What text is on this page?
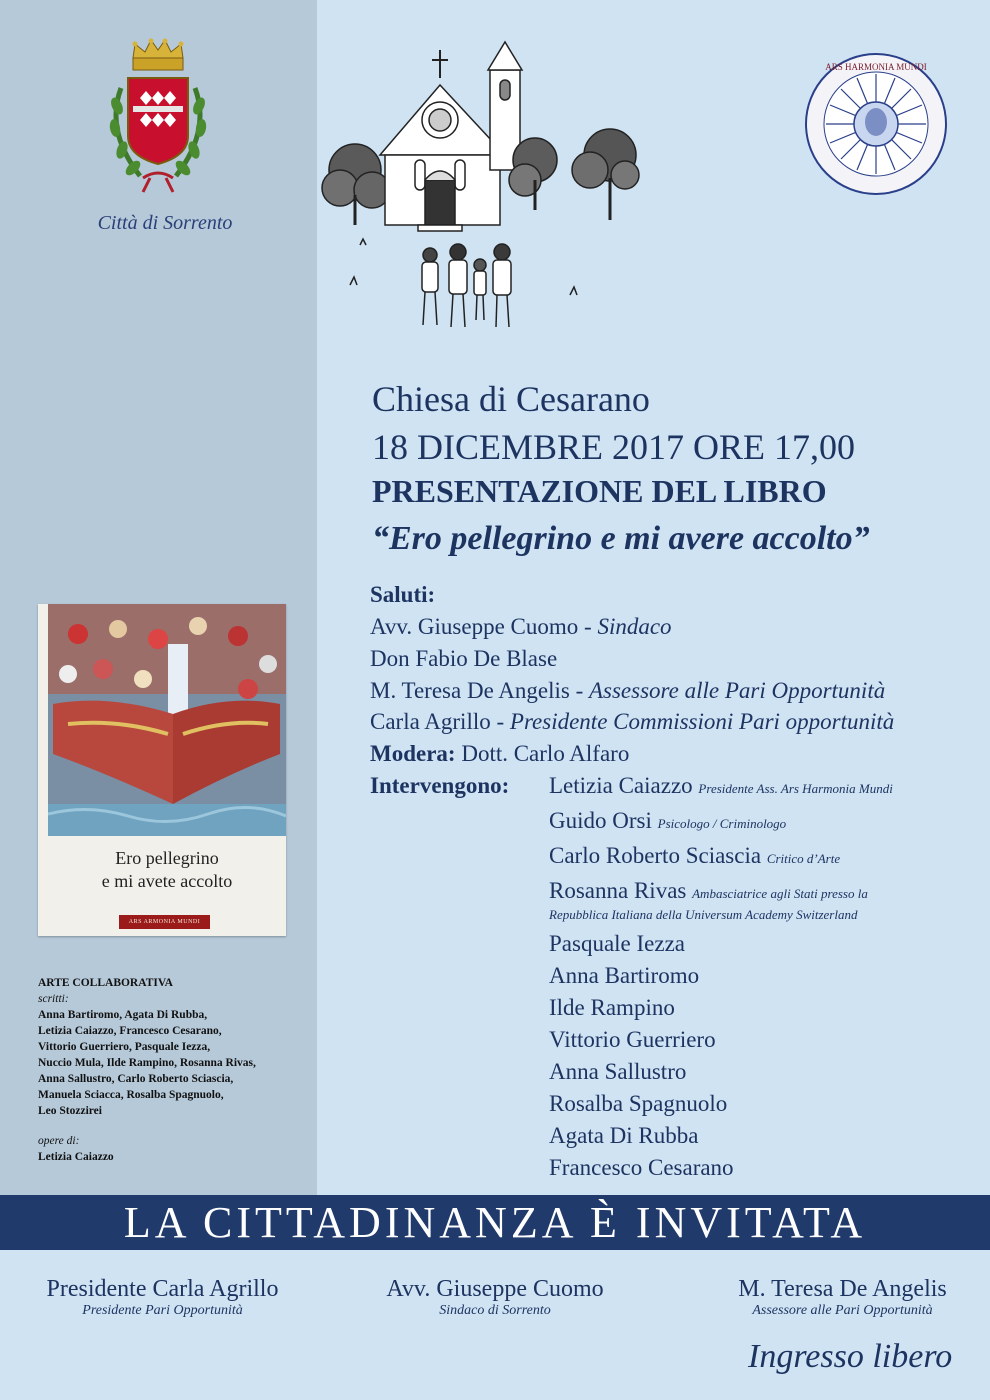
Città di Sorrento
Ero pellegrino
e mi avete accolto
ARS ARMONIA MUNDI
ARTE COLLABORATIVA
scritti:
Anna Bartiromo, Agata Di Rubba,
Letizia Caiazzo, Francesco Cesarano,
Vittorio Guerriero, Pasquale Iezza,
Nuccio Mula, Ilde Rampino, Rosanna Rivas,
Anna Sallustro, Carlo Roberto Sciascia,
Manuela Sciacca, Rosalba Spagnuolo,
Leo Stozzirei
opere di:
Letizia Caiazzo
ARS HARMONIA MUNDI
Chiesa di Cesarano
18 DICEMBRE 2017 ORE 17,00
PRESENTAZIONE DEL LIBRO
“Ero pellegrino e mi avere accolto”
Saluti:
Avv. Giuseppe Cuomo - Sindaco
Don Fabio De Blase
M. Teresa De Angelis - Assessore alle Pari Opportunità
Carla Agrillo - Presidente Commissioni Pari opportunità
Modera: Dott. Carlo Alfaro
Intervengono: Letizia Caiazzo Presidente Ass. Ars Harmonia Mundi
Guido Orsi Psicologo / Criminologo
Carlo Roberto Sciascia Critico d’Arte
Rosanna Rivas Ambasciatrice agli Stati presso la
Repubblica Italiana della Universum Academy Switzerland
Pasquale Iezza
Anna Bartiromo
Ilde Rampino
Vittorio Guerriero
Anna Sallustro
Rosalba Spagnuolo
Agata Di Rubba
Francesco Cesarano
LA CITTADINANZA È INVITATA
Presidente Carla Agrillo
Presidente Pari Opportunità
Avv. Giuseppe Cuomo
Sindaco di Sorrento
M. Teresa De Angelis
Assessore alle Pari Opportunità
Ingresso libero
